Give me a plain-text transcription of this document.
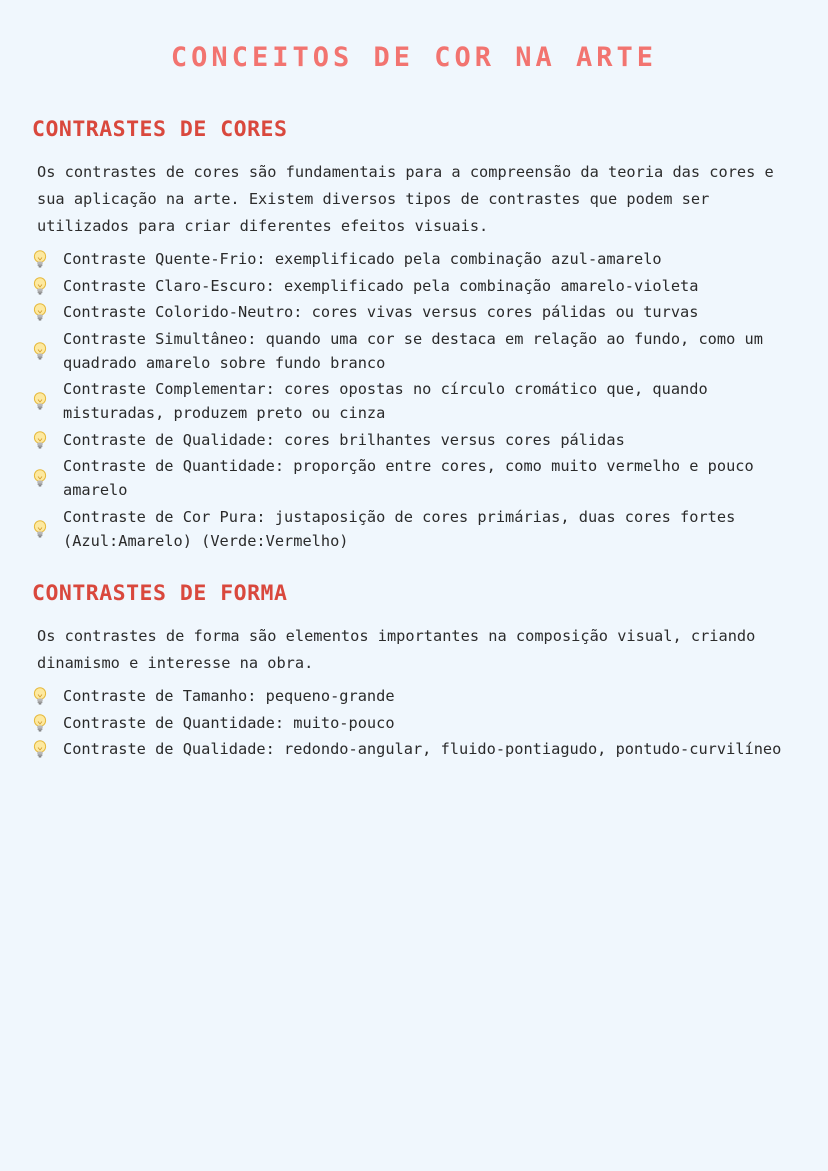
CONCEITOS DE COR NA ARTE
CONTRASTES DE CORES

Os contrastes de cores são fundamentais para a compreensão da teoria das cores e sua aplicação na arte. Existem diversos tipos de contrastes que podem ser utilizados para criar diferentes efeitos visuais.

Contraste Quente-Frio: exemplificado pela combinação azul-amarelo
Contraste Claro-Escuro: exemplificado pela combinação amarelo-violeta
Contraste Colorido-Neutro: cores vivas versus cores pálidas ou turvas
Contraste Simultâneo: quando uma cor se destaca em relação ao fundo, como um quadrado amarelo sobre fundo branco
Contraste Complementar: cores opostas no círculo cromático que, quando misturadas, produzem preto ou cinza
Contraste de Qualidade: cores brilhantes versus cores pálidas
Contraste de Quantidade: proporção entre cores, como muito vermelho e pouco amarelo
Contraste de Cor Pura: justaposição de cores primárias, duas cores fortes (Azul:Amarelo) (Verde:Vermelho)
CONTRASTES DE FORMA

Os contrastes de forma são elementos importantes na composição visual, criando dinamismo e interesse na obra.

Contraste de Tamanho: pequeno-grande
Contraste de Quantidade: muito-pouco
Contraste de Qualidade: redondo-angular, fluido-pontiagudo, pontudo-curvilíneo
